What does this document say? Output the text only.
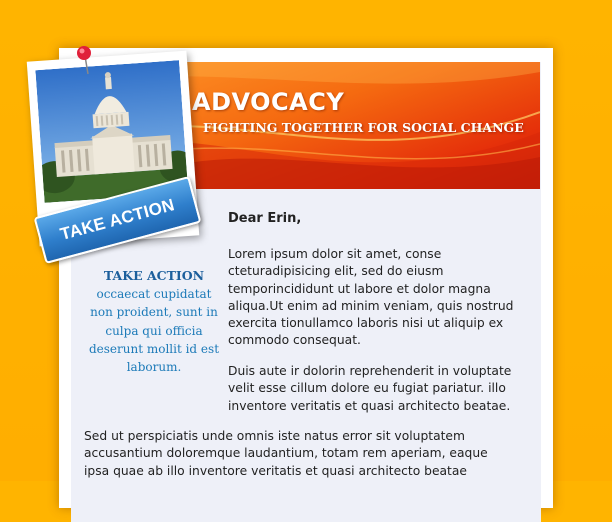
ADVOCACY
FIGHTING TOGETHER FOR SOCIAL CHANGE
TAKE ACTION

TAKE ACTION

occaecat cupidatat non proident, sunt in culpa qui officia deserunt mollit id est laborum.

Dear Erin,

Lorem ipsum dolor sit amet, conse
cteturadipisicing elit, sed do eiusm
temporincididunt ut labore et dolor magna
aliqua.Ut enim ad minim veniam, quis nostrud
exercita tionullamco laboris nisi ut aliquip ex
commodo consequat.

Duis aute ir dolorin reprehenderit in voluptate
velit esse cillum dolore eu fugiat pariatur. illo
inventore veritatis et quasi architecto beatae.

Sed ut perspiciatis unde omnis iste natus error sit voluptatem
accusantium doloremque laudantium, totam rem aperiam, eaque
ipsa quae ab illo inventore veritatis et quasi architecto beatae
